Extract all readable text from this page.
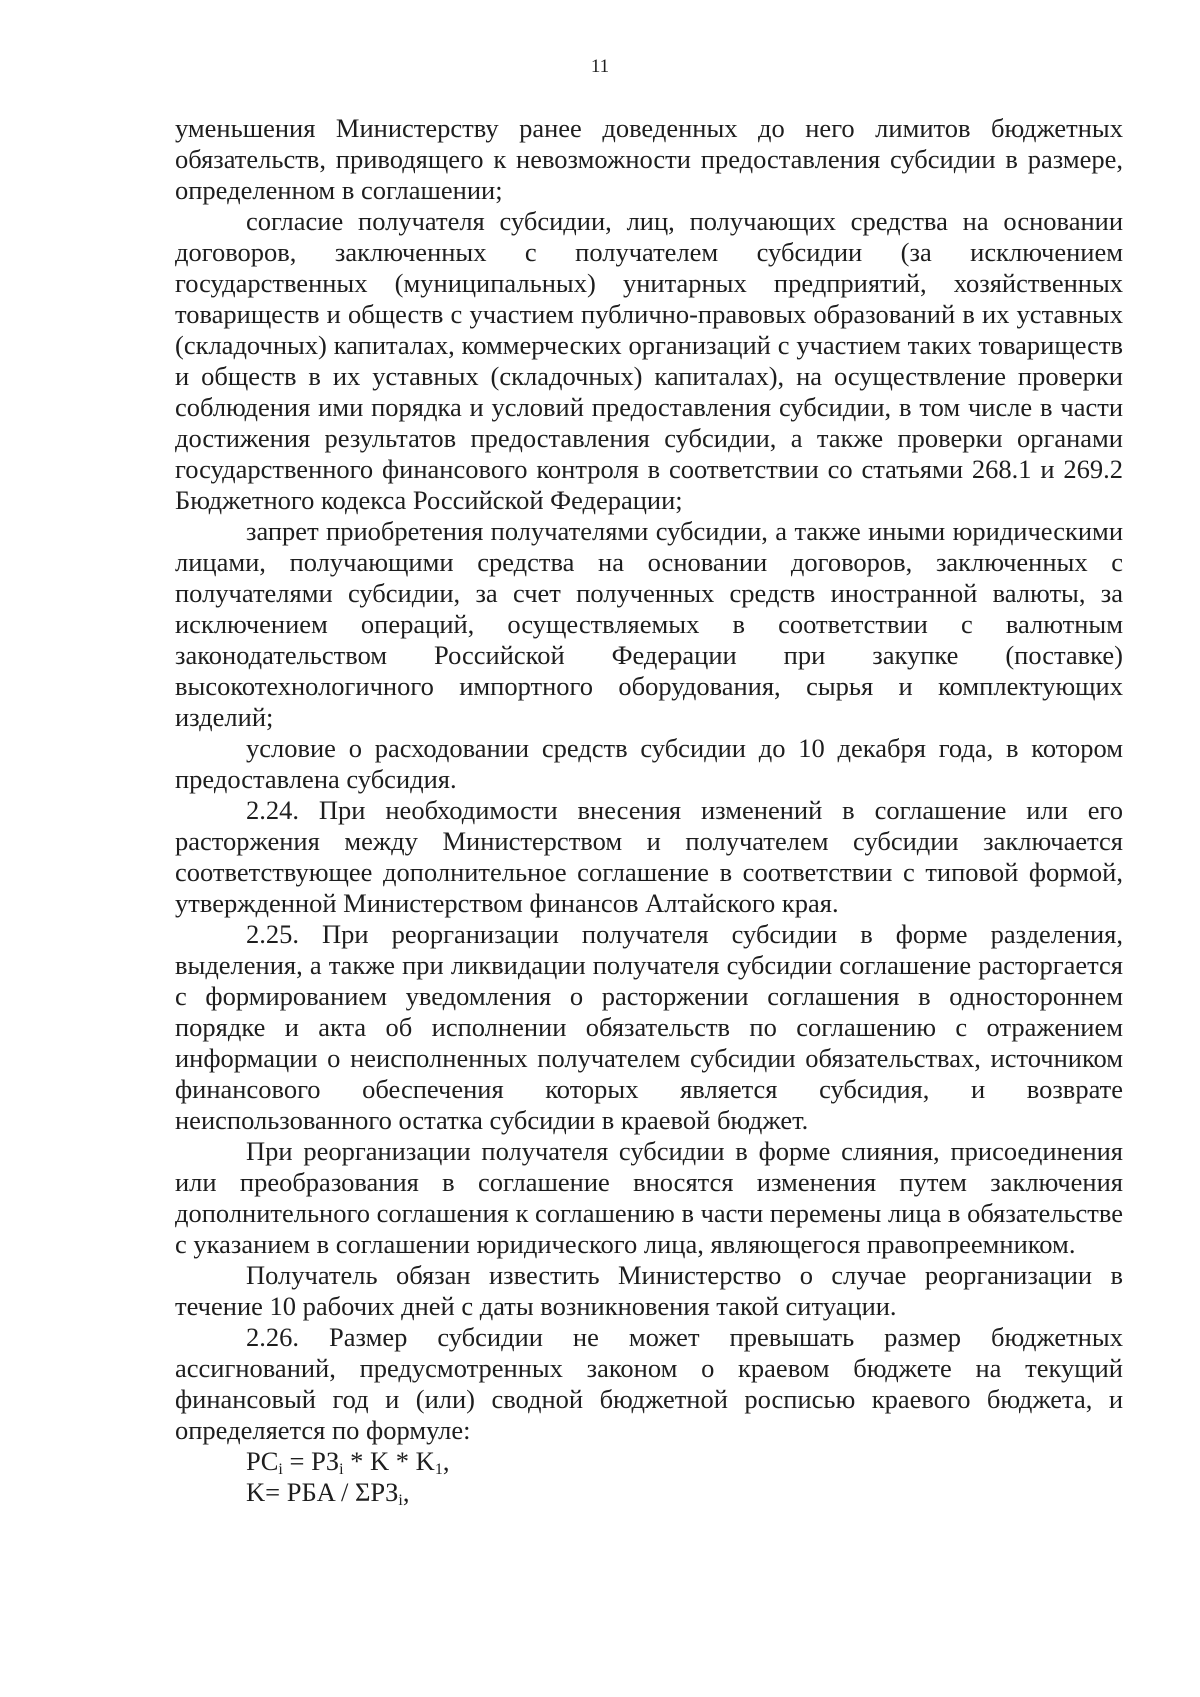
11

уменьшения Министерству ранее доведенных до него лимитов бюджетных обязательств, приводящего к невозможности предоставления субсидии в размере, определенном в соглашении;

согласие получателя субсидии, лиц, получающих средства на основании договоров, заключенных с получателем субсидии (за исключением государственных (муниципальных) унитарных предприятий, хозяйственных товариществ и обществ с участием публично-правовых образований в их уставных (складочных) капиталах, коммерческих организаций с участием таких товариществ и обществ в их уставных (складочных) капиталах), на осуществление проверки соблюдения ими порядка и условий предоставления субсидии, в том числе в части достижения результатов предоставления субсидии, а также проверки органами государственного финансового контроля в соответствии со статьями 268.1 и 269.2 Бюджетного кодекса Российской Федерации;

запрет приобретения получателями субсидии, а также иными юридическими лицами, получающими средства на основании договоров, заключенных с получателями субсидии, за счет полученных средств иностранной валюты, за исключением операций, осуществляемых в соответствии с валютным законодательством Российской Федерации при закупке (поставке) высокотехнологичного импортного оборудования, сырья и комплектующих изделий;

условие о расходовании средств субсидии до 10 декабря года, в котором предоставлена субсидия.

2.24. При необходимости внесения изменений в соглашение или его расторжения между Министерством и получателем субсидии заключается соответствующее дополнительное соглашение в соответствии с типовой формой, утвержденной Министерством финансов Алтайского края.

2.25. При реорганизации получателя субсидии в форме разделения, выделения, а также при ликвидации получателя субсидии соглашение расторгается с формированием уведомления о расторжении соглашения в одностороннем порядке и акта об исполнении обязательств по соглашению с отражением информации о неисполненных получателем субсидии обязательствах, источником финансового обеспечения которых является субсидия, и возврате неиспользованного остатка субсидии в краевой бюджет.

При реорганизации получателя субсидии в форме слияния, присоединения или преобразования в соглашение вносятся изменения путем заключения дополнительного соглашения к соглашению в части перемены лица в обязательстве с указанием в соглашении юридического лица, являющегося правопреемником.

Получатель обязан известить Министерство о случае реорганизации в течение 10 рабочих дней с даты возникновения такой ситуации.

2.26. Размер субсидии не может превышать размер бюджетных ассигнований, предусмотренных законом о краевом бюджете на текущий финансовый год и (или) сводной бюджетной росписью краевого бюджета, и определяется по формуле:

$PC_i = PЗ_i * K * K_1$,
K= PБA / $\Sigma PЗ_i$,
